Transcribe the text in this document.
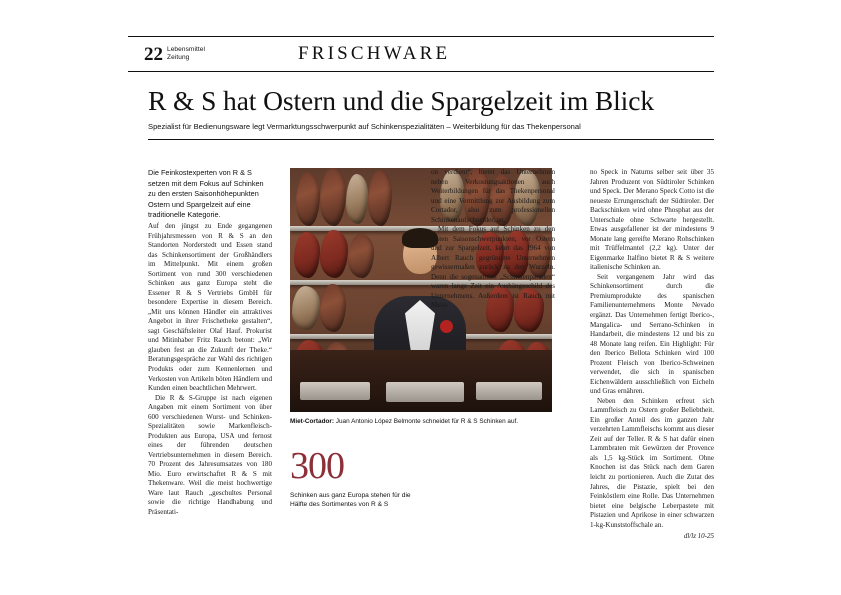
22 Lebensmittel
Zeitung	FRISCHWARE
R & S hat Ostern und die Spargelzeit im Blick
Spezialist für Bedienungsware legt Vermarktungsschwerpunkt auf Schinkenspezialitäten – Weiterbildung für das Thekenpersonal
Die Feinkostexperten von R & S setzen mit dem Fokus auf Schinken zu den ersten Saisonhöhepunkten Ostern und Spargelzeit auf eine traditionelle Kategorie.

Auf den jüngst zu Ende gegangenen Frühjahrsmessen von R & S an den Standorten Norderstedt und Essen stand das Schinkensortiment der Großhändlers im Mittelpunkt. Mit einem großen Sortiment von rund 300 verschiedenen Schinken aus ganz Europa steht die Essener R & S Vertriebs GmbH für besondere Expertise in diesem Bereich. „Mit uns können Händler ein attraktives Angebot in ihrer Frischetheke gestalten“, sagt Geschäftsleiter Olaf Hauf. Prokurist und Mitinhaber Fritz Rauch betont: „Wir glauben fest an die Zukunft der Theke.“ Beratungsgespräche zur Wahl des richtigen Produkts oder zum Kennenlernen und Verkosten von Artikeln böten Händlern und Kunden einen beachtlichen Mehrwert.

Die R & S-Gruppe ist nach eigenen Angaben mit einem Sortiment von über 600 verschiedenen Wurst- und Schinken-Spezialitäten sowie Markenfleisch-Produkten aus Europa, USA und fernost eines der führenden deutschen Vertriebsunternehmen in diesem Bereich. 70 Prozent des Jahresumsatzes von 180 Mio. Euro erwirtschaftet R & S mit Thekenware. Weil die meist hochwertige Ware laut Rauch „geschultes Personal sowie die richtige Handhabung und Präsentati-

Miet-Cortador: Juan Antonio López Belmonte schneidet für R & S Schinken auf.
300
Schinken aus ganz Europa stehen für die Hälfte des Sortimentes von R & S

on verdient“, bietet das Unternehmen neben Verkostungsaktionen auch Weiterbildungen für das Thekenpersonal und eine Vermittlung zur Ausbildung zum Cortador, also zum professionellen Schinkenaufschneider, an.

Mit dem Fokus auf Schinken zu den ersten Saisonschwerpunkten, vor Ostern und zur Spargelzeit, kehrt das 1964 von Albert Rauch gegründete Unternehmen gewissermaßen zurück zu den Wurzeln. Denn die sogenannten „Schinkenparaden“ waren lange Zeit ein Aushängeschild des Unternehmens. Außerdem ist Rauch mit Mera-

no Speck in Naturns selber seit über 35 Jahren Produzent von Südtiroler Schinken und Speck. Der Merano Speck Cotto ist die neueste Errungenschaft der Südtiroler. Der Backschinken wird ohne Phosphat aus der Unterschale ohne Schwarte hergestellt. Etwas ausgefallener ist der mindestens 9 Monate lang gereifte Merano Rohschinken mit Trüffelmantel (2,2 kg). Unter der Eigenmarke Italfino bietet R & S weitere italienische Schinken an.

Seit vergangenem Jahr wird das Schinkensortiment durch die Premiumprodukte des spanischen Familienunternehmens Monte Nevado ergänzt. Das Unternehmen fertigt Iberico-, Mangalica- und Serrano-Schinken in Handarbeit, die mindestens 12 und bis zu 48 Monate lang reifen. Ein Highlight: Für den Iberico Bellota Schinken wird 100 Prozent Fleisch von Iberico-Schweinen verwendet, die sich in spanischen Eichenwäldern ausschließlich von Eicheln und Gras ernähren.

Neben den Schinken erfreut sich Lammfleisch zu Ostern großer Beliebtheit. Ein großer Anteil des im ganzen Jahr verzehrten Lammfleischs kommt aus dieser Zeit auf der Teller. R & S hat dafür einen Lammbraten mit Gewürzen der Provence als 1,5 kg-Stück im Sortiment. Ohne Knochen ist das Stück nach dem Garen leicht zu portionieren. Auch die Zutat des Jahres, die Pistazie, spielt bei den Feinköstlern eine Rolle. Das Unternehmen bietet eine belgische Leberpastete mit Pistazien und Aprikose in einer schwarzen 1-kg-Kunststoffschale an.

dl/lz 10-25
